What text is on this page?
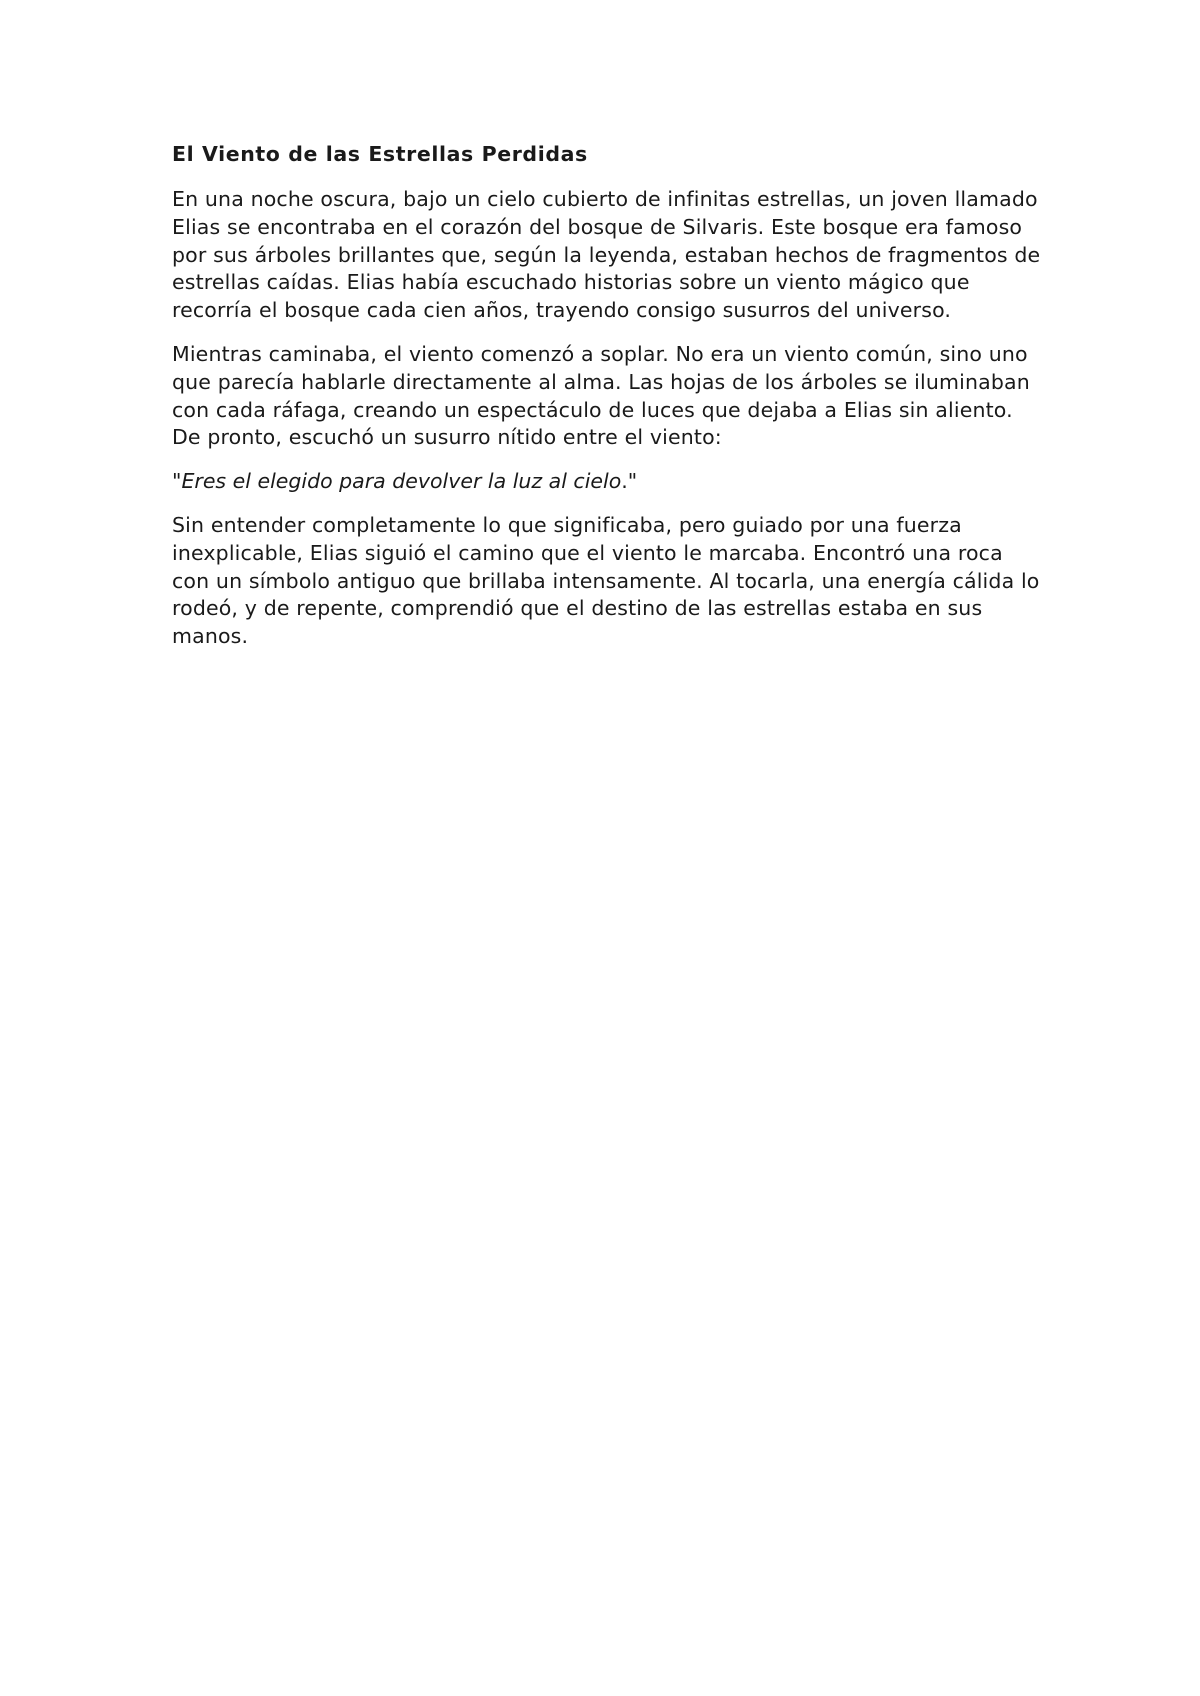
El Viento de las Estrellas Perdidas

En una noche oscura, bajo un cielo cubierto de infinitas estrellas, un joven llamado Elias se encontraba en el corazón del bosque de Silvaris. Este bosque era famoso por sus árboles brillantes que, según la leyenda, estaban hechos de fragmentos de estrellas caídas. Elias había escuchado historias sobre un viento mágico que recorría el bosque cada cien años, trayendo consigo susurros del universo.

Mientras caminaba, el viento comenzó a soplar. No era un viento común, sino uno que parecía hablarle directamente al alma. Las hojas de los árboles se iluminaban con cada ráfaga, creando un espectáculo de luces que dejaba a Elias sin aliento. De pronto, escuchó un susurro nítido entre el viento:

"Eres el elegido para devolver la luz al cielo."

Sin entender completamente lo que significaba, pero guiado por una fuerza inexplicable, Elias siguió el camino que el viento le marcaba. Encontró una roca con un símbolo antiguo que brillaba intensamente. Al tocarla, una energía cálida lo rodeó, y de repente, comprendió que el destino de las estrellas estaba en sus manos.
